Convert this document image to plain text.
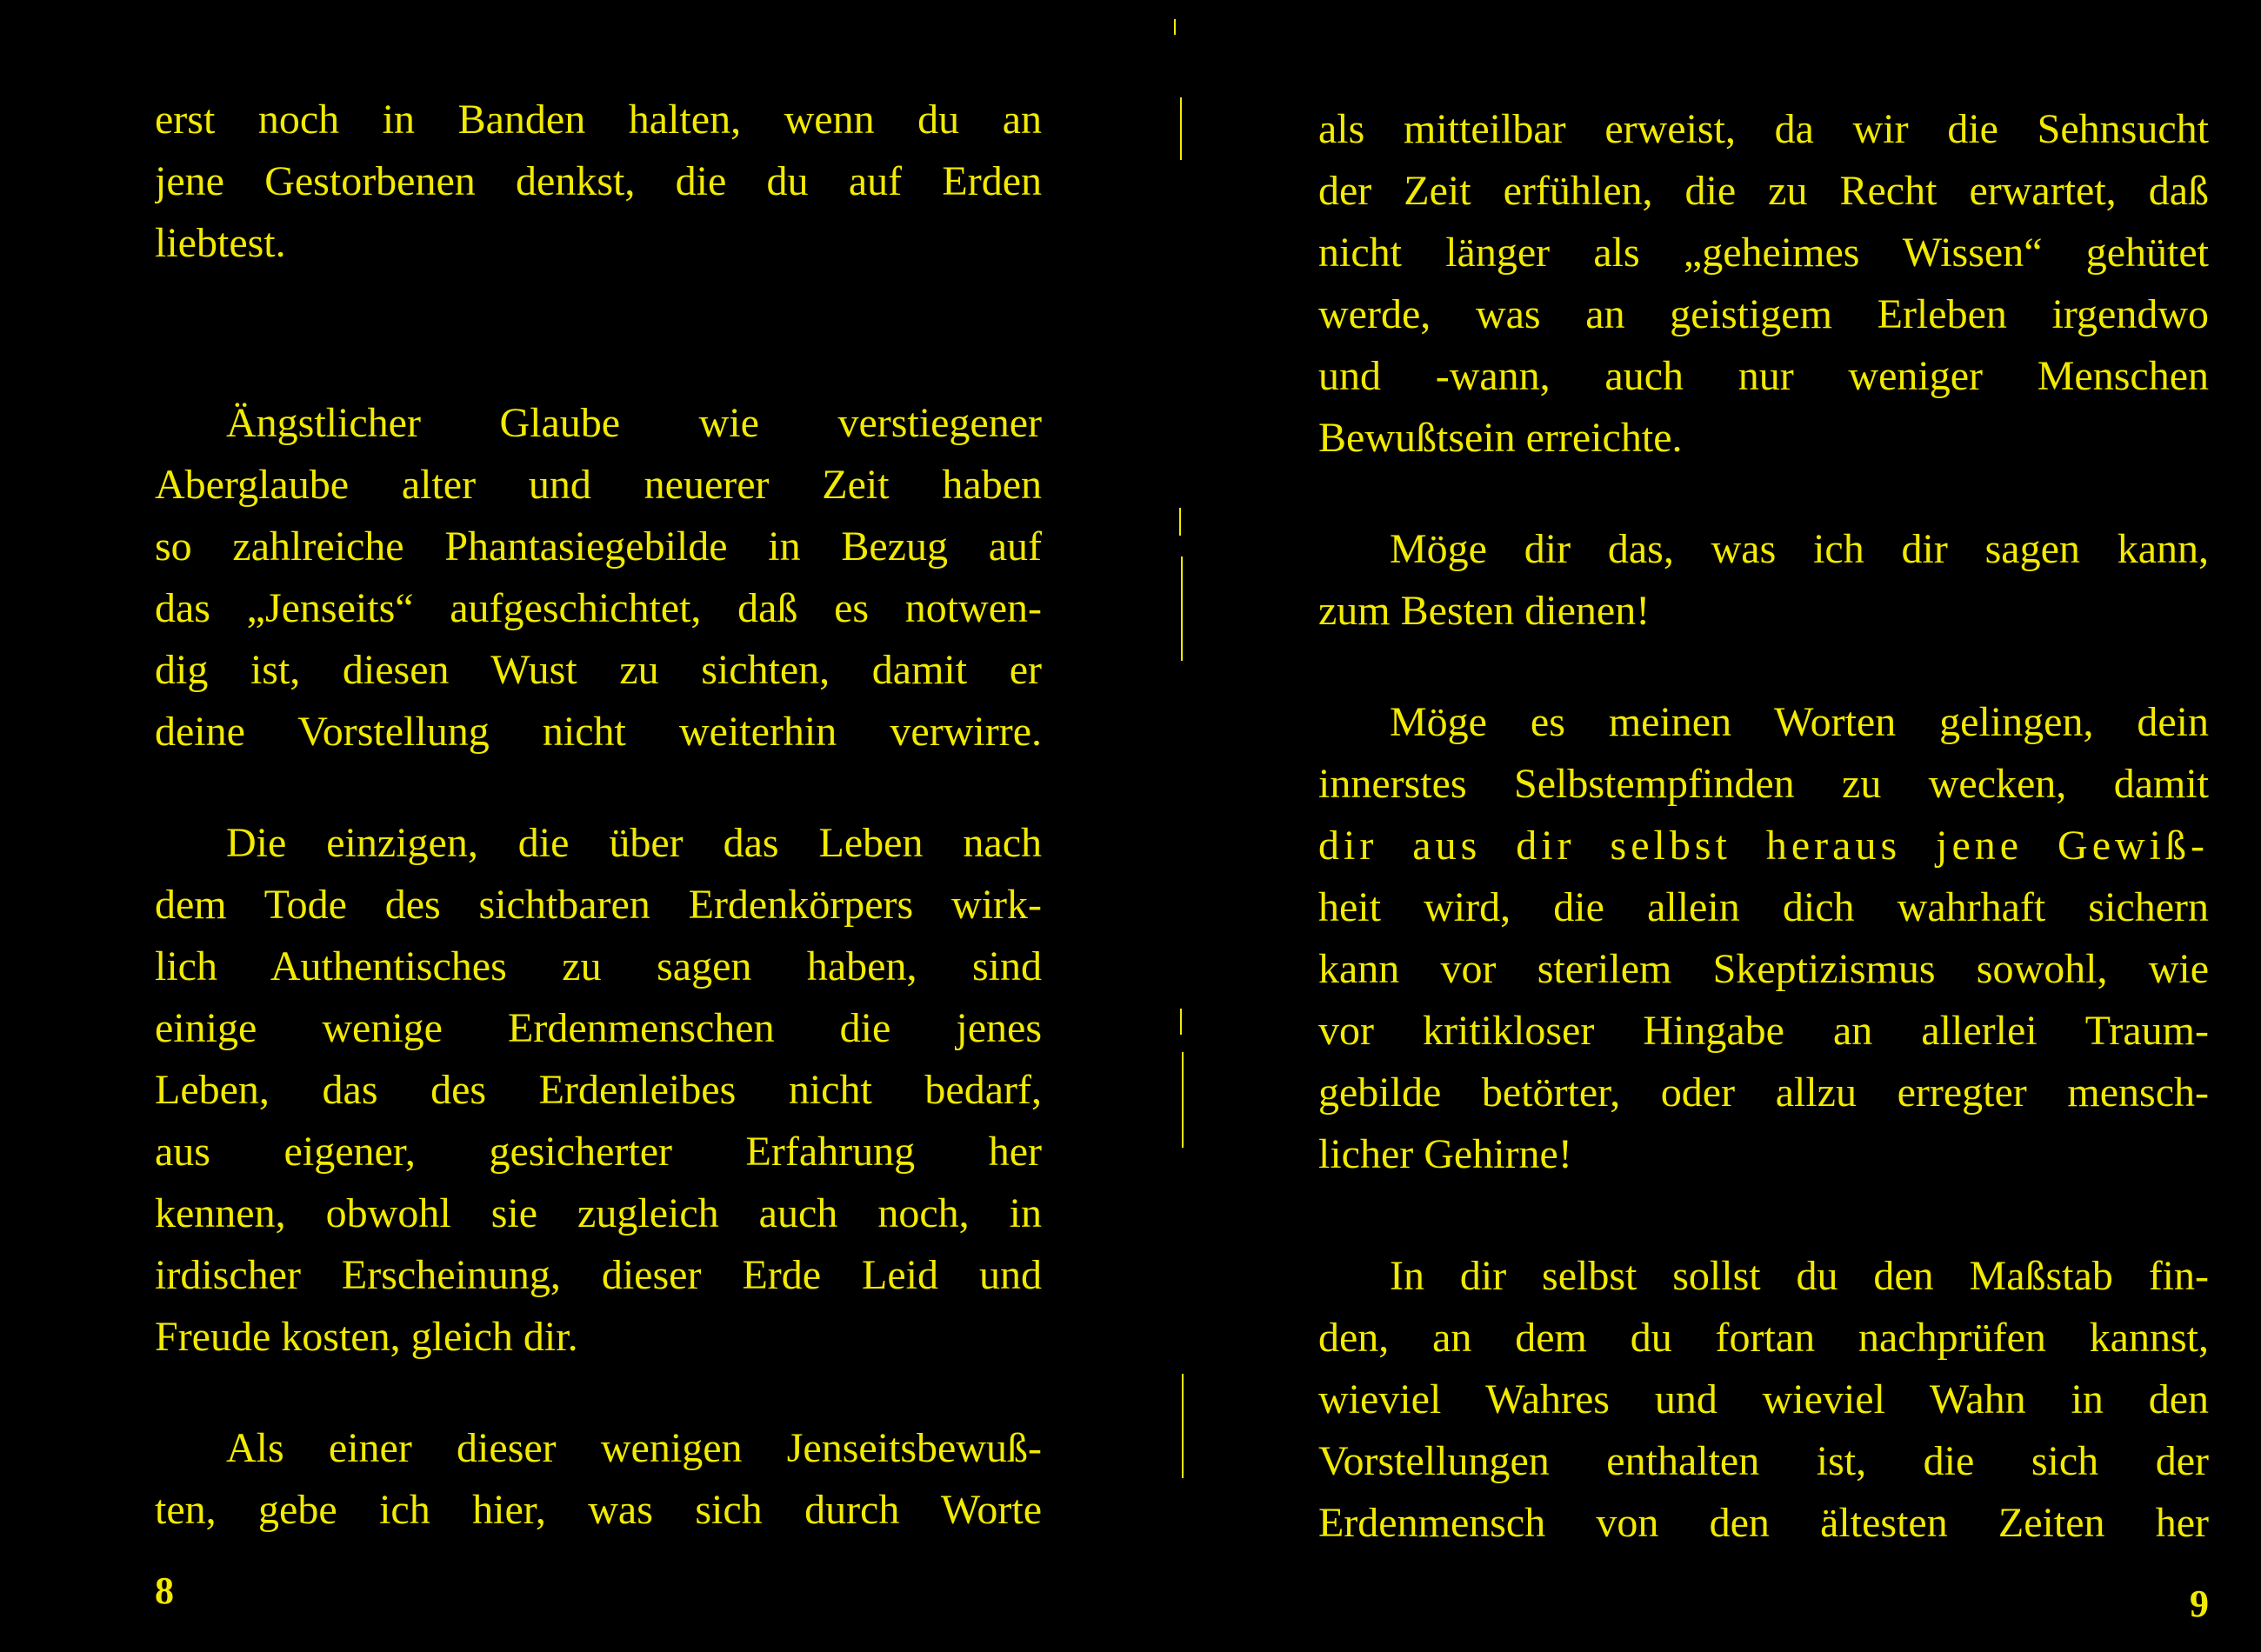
erst noch in Banden halten, wenn du an
jene Gestorbenen denkst, die du auf Erden
liebtest.
Ängstlicher Glaube wie verstiegener
Aberglaube alter und neuerer Zeit haben
so zahlreiche Phantasiegebilde in Bezug auf
das „Jenseits“ aufgeschichtet, daß es notwen-
dig ist, diesen Wust zu sichten, damit er
deine Vorstellung nicht weiterhin verwirre.
Die einzigen, die über das Leben nach
dem Tode des sichtbaren Erdenkörpers wirk-
lich Authentisches zu sagen haben, sind
einige wenige Erdenmenschen die jenes
Leben, das des Erdenleibes nicht bedarf,
aus eigener, gesicherter Erfahrung her
kennen, obwohl sie zugleich auch noch, in
irdischer Erscheinung, dieser Erde Leid und
Freude kosten, gleich dir.
Als einer dieser wenigen Jenseitsbewuß-
ten, gebe ich hier, was sich durch Worte
8
als mitteilbar erweist, da wir die Sehnsucht
der Zeit erfühlen, die zu Recht erwartet, daß
nicht länger als „geheimes Wissen“ gehütet
werde, was an geistigem Erleben irgendwo
und -wann, auch nur weniger Menschen
Bewußtsein erreichte.
Möge dir das, was ich dir sagen kann,
zum Besten dienen!
Möge es meinen Worten gelingen, dein
innerstes Selbstempfinden zu wecken, damit
dir aus dir selbst heraus jene Gewiß-
heit wird, die allein dich wahrhaft sichern
kann vor sterilem Skeptizismus sowohl, wie
vor kritikloser Hingabe an allerlei Traum-
gebilde betörter, oder allzu erregter mensch-
licher Gehirne!
In dir selbst sollst du den Maßstab fin-
den, an dem du fortan nachprüfen kannst,
wieviel Wahres und wieviel Wahn in den
Vorstellungen enthalten ist, die sich der
Erdenmensch von den ältesten Zeiten her
9
